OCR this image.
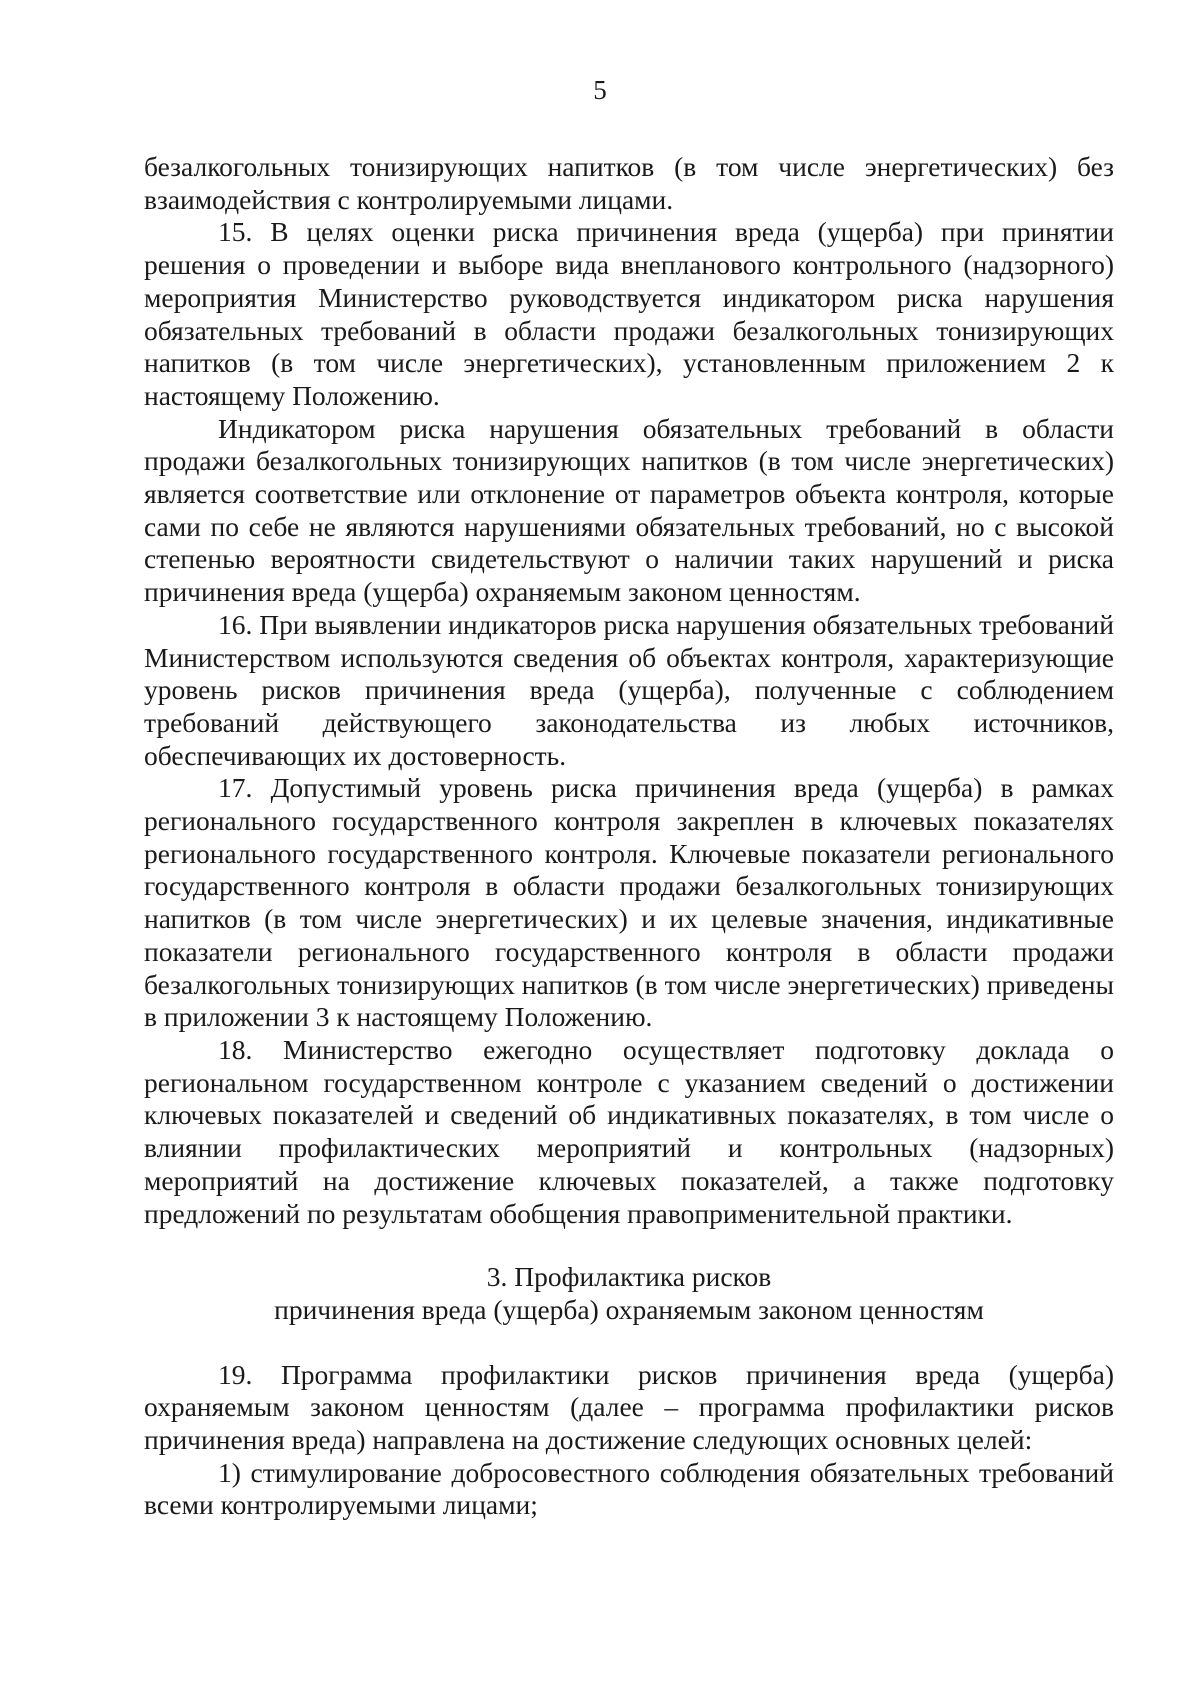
5

безалкогольных тонизирующих напитков (в том числе энергетических) без взаимодействия с контролируемыми лицами.

15. В целях оценки риска причинения вреда (ущерба) при принятии решения о проведении и выборе вида внепланового контрольного (надзорного) мероприятия Министерство руководствуется индикатором риска нарушения обязательных требований в области продажи безалкогольных тонизирующих напитков (в том числе энергетических), установленным приложением 2 к настоящему Положению.

Индикатором риска нарушения обязательных требований в области продажи безалкогольных тонизирующих напитков (в том числе энергетических) является соответствие или отклонение от параметров объекта контроля, которые сами по себе не являются нарушениями обязательных требований, но с высокой степенью вероятности свидетельствуют о наличии таких нарушений и риска причинения вреда (ущерба) охраняемым законом ценностям.

16. При выявлении индикаторов риска нарушения обязательных требований Министерством используются сведения об объектах контроля, характеризующие уровень рисков причинения вреда (ущерба), полученные с соблюдением требований действующего законодательства из любых источников, обеспечивающих их достоверность.

17. Допустимый уровень риска причинения вреда (ущерба) в рамках регионального государственного контроля закреплен в ключевых показателях регионального государственного контроля. Ключевые показатели регионального государственного контроля в области продажи безалкогольных тонизирующих напитков (в том числе энергетических) и их целевые значения, индикативные показатели регионального государственного контроля в области продажи безалкогольных тонизирующих напитков (в том числе энергетических) приведены в приложении 3 к настоящему Положению.

18. Министерство ежегодно осуществляет подготовку доклада о региональном государственном контроле с указанием сведений о достижении ключевых показателей и сведений об индикативных показателях, в том числе о влиянии профилактических мероприятий и контрольных (надзорных) мероприятий на достижение ключевых показателей, а также подготовку предложений по результатам обобщения правоприменительной практики.

3. Профилактика рисков
причинения вреда (ущерба) охраняемым законом ценностям

19. Программа профилактики рисков причинения вреда (ущерба) охраняемым законом ценностям (далее – программа профилактики рисков причинения вреда) направлена на достижение следующих основных целей:

1) стимулирование добросовестного соблюдения обязательных требований всеми контролируемыми лицами;
